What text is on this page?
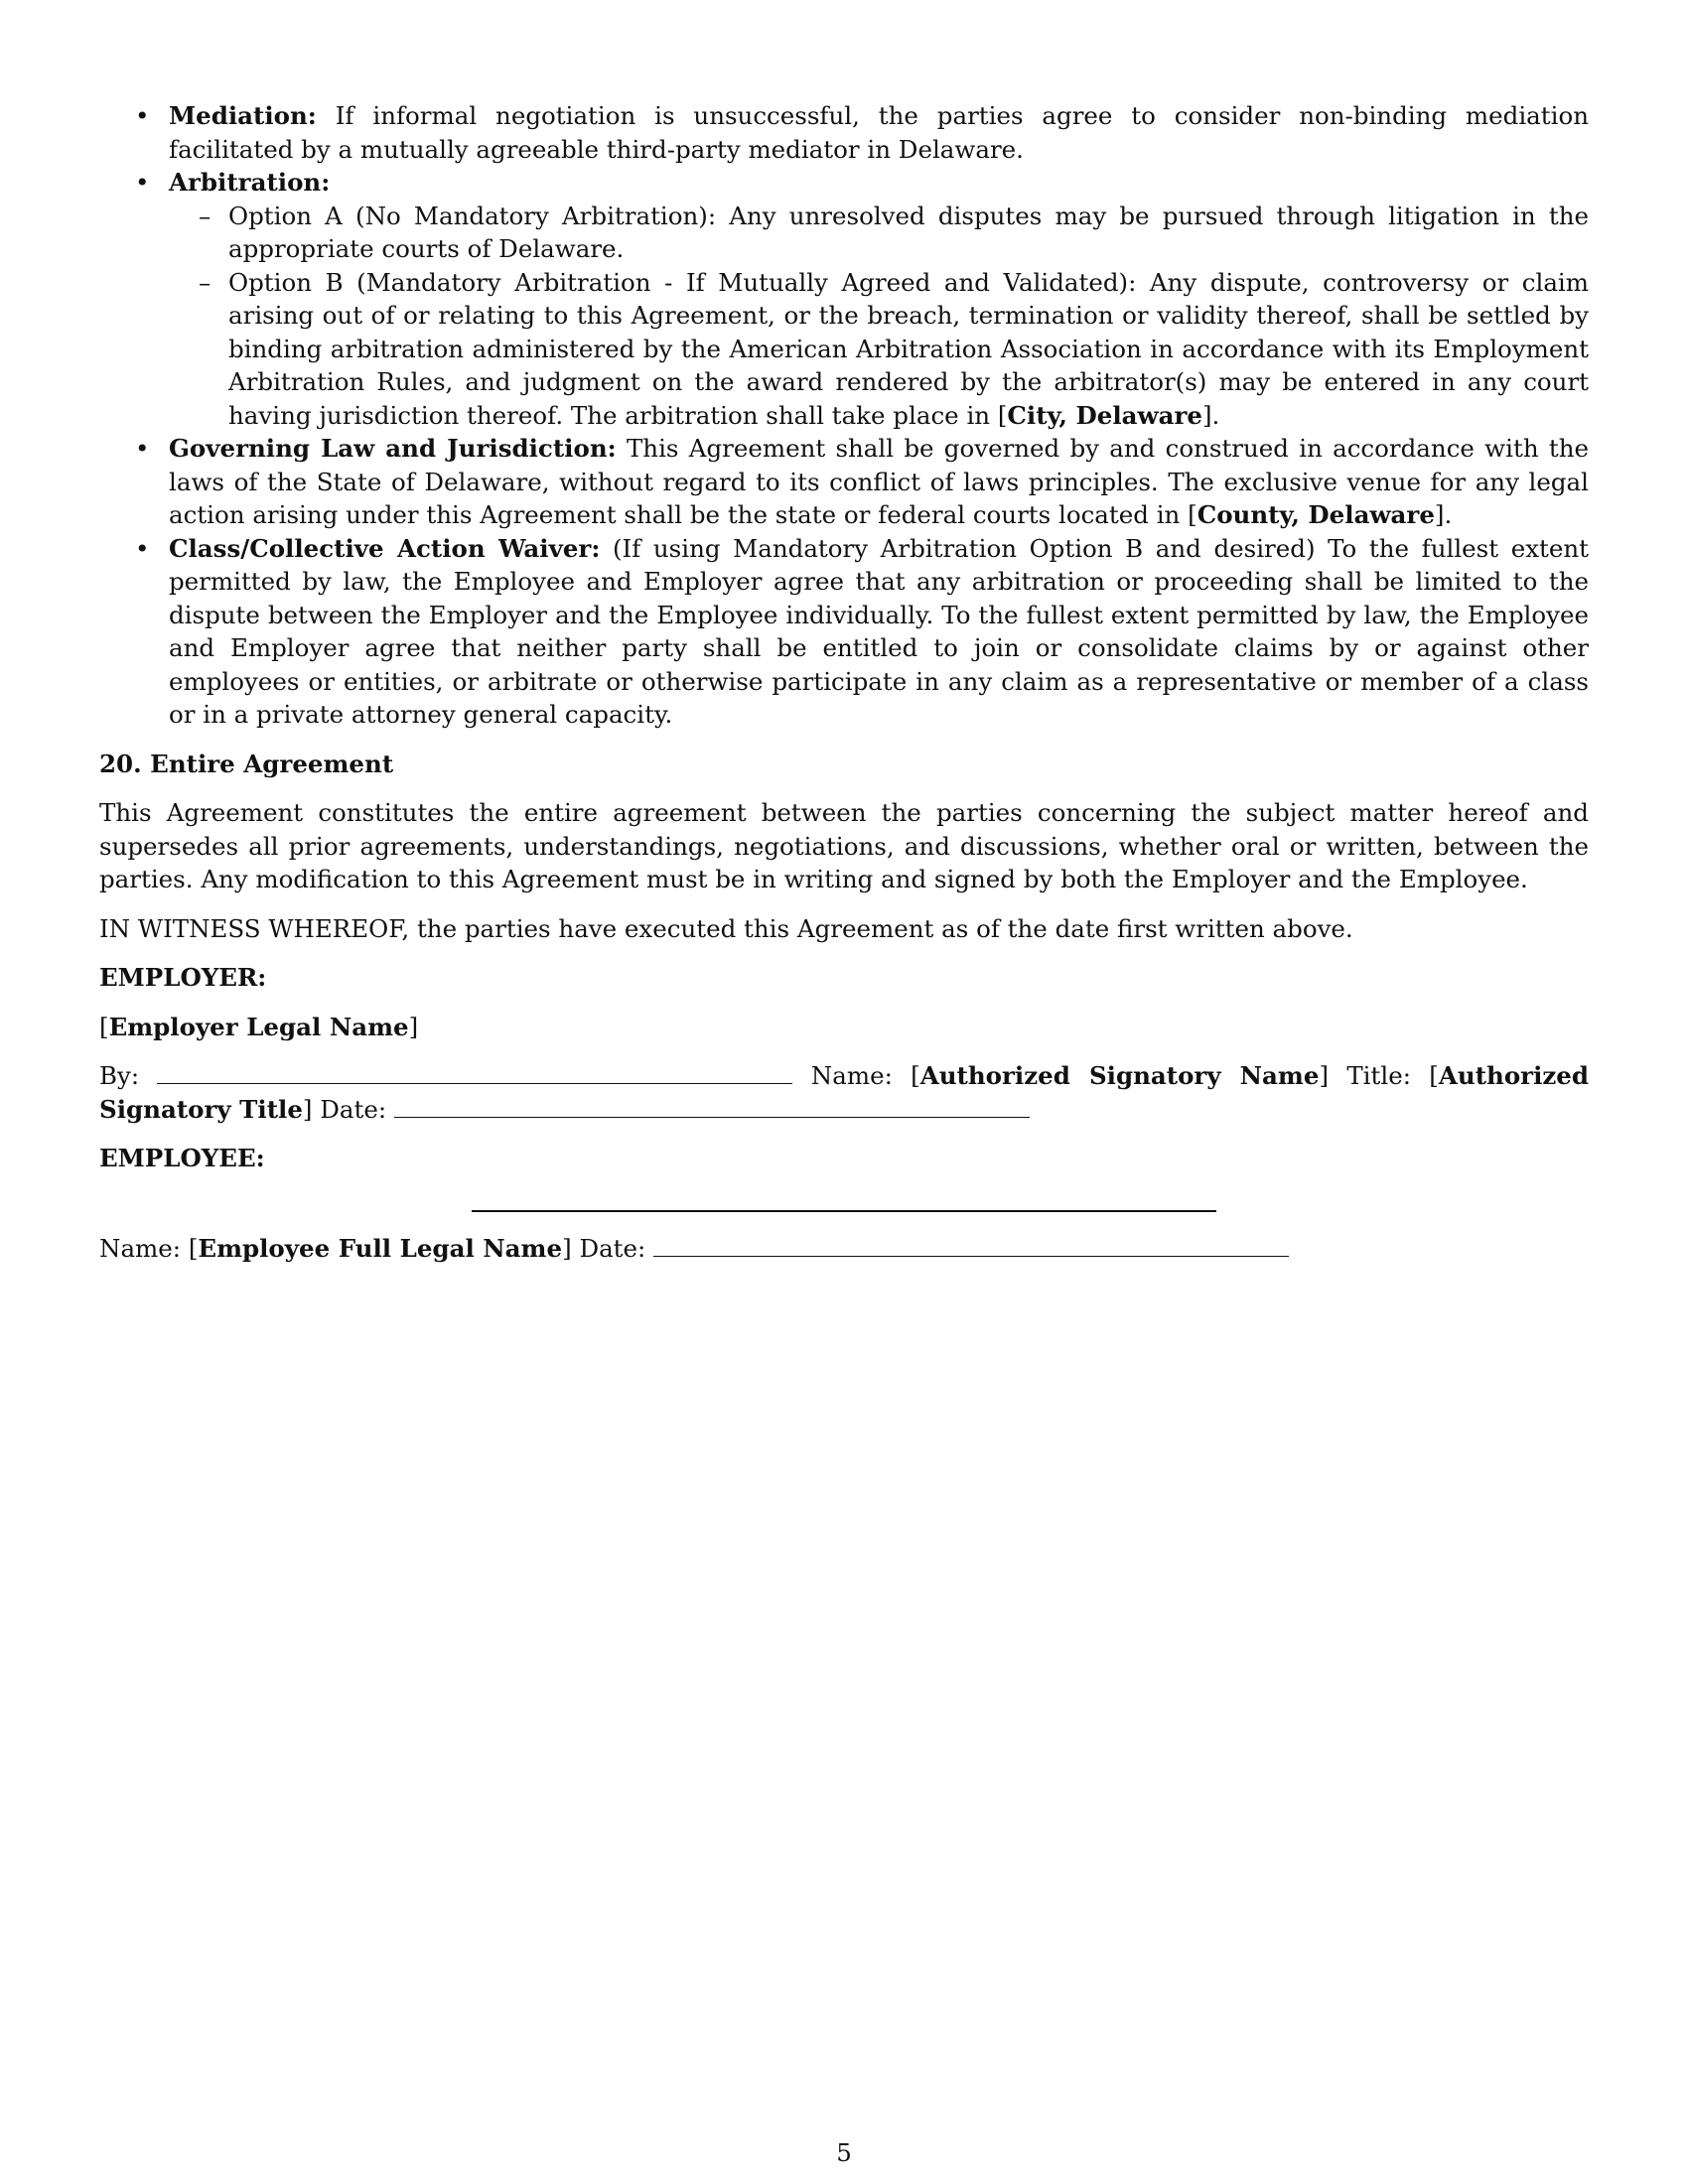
• Mediation: If informal negotiation is unsuccessful, the parties agree to consider non-binding mediation facilitated by a mutually agreeable third-party mediator in Delaware.
• Arbitration:
– Option A (No Mandatory Arbitration): Any unresolved disputes may be pursued through litigation in the appropriate courts of Delaware.
– Option B (Mandatory Arbitration - If Mutually Agreed and Validated): Any dispute, controversy or claim arising out of or relating to this Agreement, or the breach, termination or validity thereof, shall be settled by binding arbitration administered by the American Arbitration Association in accordance with its Employment Arbitration Rules, and judgment on the award rendered by the arbitrator(s) may be entered in any court having jurisdiction thereof. The arbitration shall take place in [City, Delaware].
• Governing Law and Jurisdiction: This Agreement shall be governed by and construed in accordance with the laws of the State of Delaware, without regard to its conflict of laws principles. The exclusive venue for any legal action arising under this Agreement shall be the state or federal courts located in [County, Delaware].
• Class/Collective Action Waiver: (If using Mandatory Arbitration Option B and desired) To the fullest extent permitted by law, the Employee and Employer agree that any arbitration or proceeding shall be limited to the dispute between the Employer and the Employee individually. To the fullest extent permitted by law, the Employee and Employer agree that neither party shall be entitled to join or consolidate claims by or against other employees or entities, or arbitrate or otherwise participate in any claim as a representative or member of a class or in a private attorney general capacity.

20. Entire Agreement

This Agreement constitutes the entire agreement between the parties concerning the subject matter hereof and supersedes all prior agreements, understandings, negotiations, and discussions, whether oral or written, between the parties. Any modification to this Agreement must be in writing and signed by both the Employer and the Employee.

IN WITNESS WHEREOF, the parties have executed this Agreement as of the date first written above.

EMPLOYER:

[Employer Legal Name]

By:	Name: [Authorized Signatory Name] Title: [Authorized Signatory Title] Date:

EMPLOYEE:

Name: [Employee Full Legal Name] Date:

5
